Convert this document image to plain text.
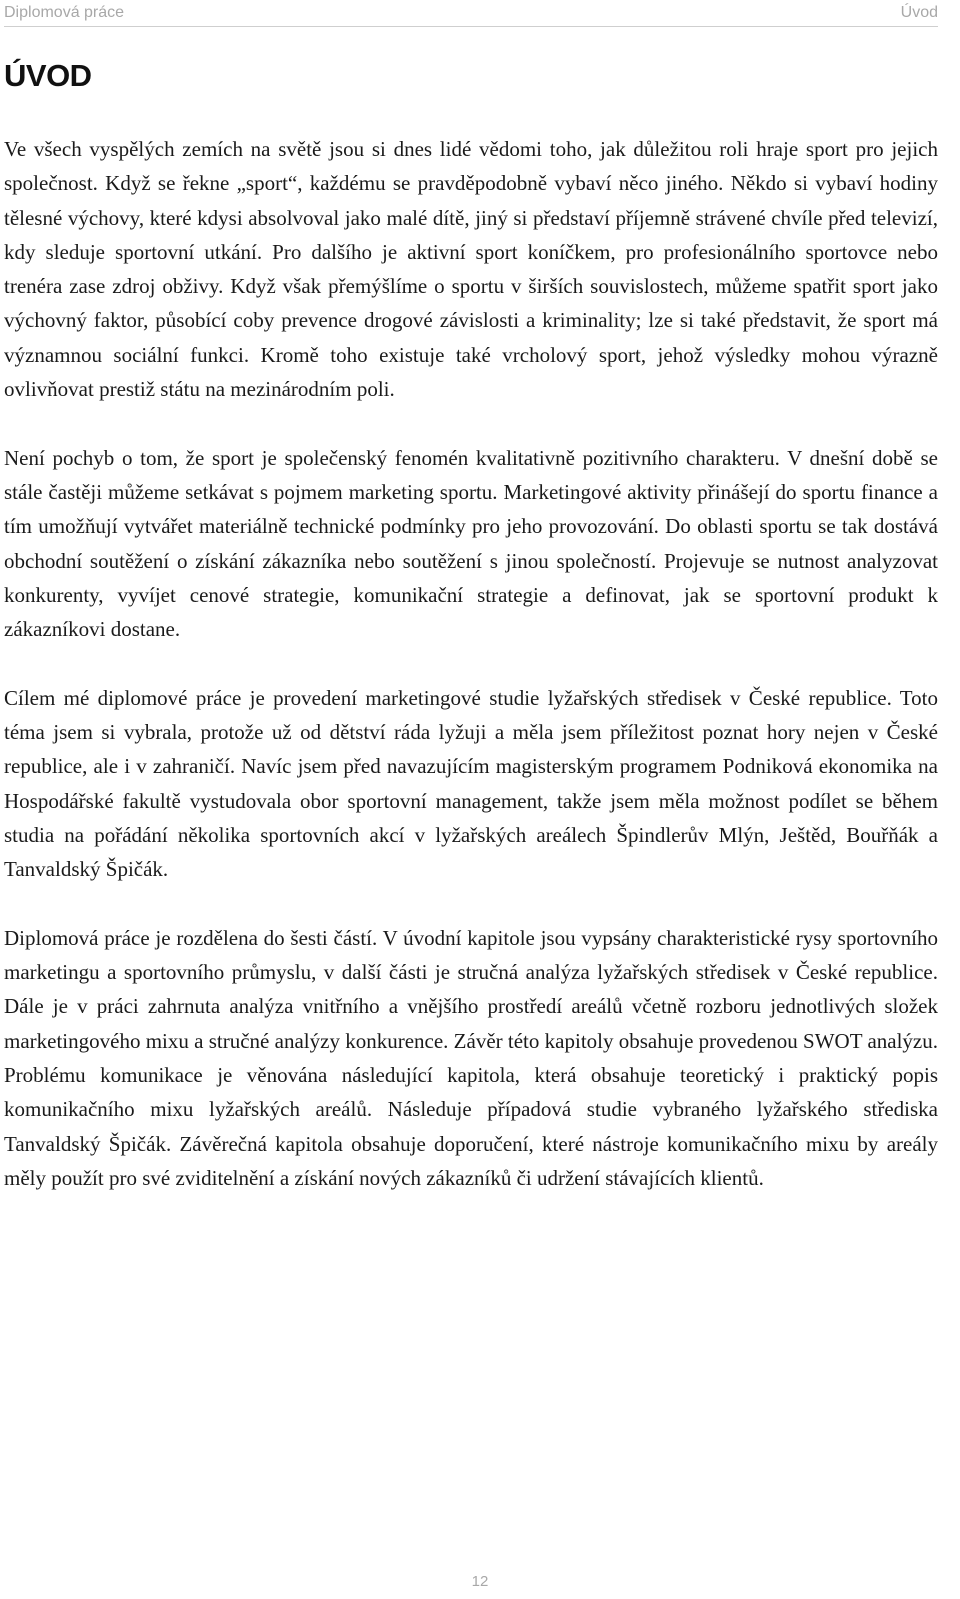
Diplomová práce	Úvod
ÚVOD

Ve všech vyspělých zemích na světě jsou si dnes lidé vědomi toho, jak důležitou roli hraje sport pro jejich společnost. Když se řekne „sport“, každému se pravděpodobně vybaví něco jiného. Někdo si vybaví hodiny tělesné výchovy, které kdysi absolvoval jako malé dítě, jiný si představí příjemně strávené chvíle před televizí, kdy sleduje sportovní utkání. Pro dalšího je aktivní sport koníčkem, pro profesionálního sportovce nebo trenéra zase zdroj obživy. Když však přemýšlíme o sportu v širších souvislostech, můžeme spatřit sport jako výchovný faktor, působící coby prevence drogové závislosti a kriminality; lze si také představit, že sport má významnou sociální funkci. Kromě toho existuje také vrcholový sport, jehož výsledky mohou výrazně ovlivňovat prestiž státu na mezinárodním poli.

Není pochyb o tom, že sport je společenský fenomén kvalitativně pozitivního charakteru. V dnešní době se stále častěji můžeme setkávat s pojmem marketing sportu. Marketingové aktivity přinášejí do sportu finance a tím umožňují vytvářet materiálně technické podmínky pro jeho provozování. Do oblasti sportu se tak dostává obchodní soutěžení o získání zákazníka nebo soutěžení s jinou společností. Projevuje se nutnost analyzovat konkurenty, vyvíjet cenové strategie, komunikační strategie a definovat, jak se sportovní produkt k zákazníkovi dostane.

Cílem mé diplomové práce je provedení marketingové studie lyžařských středisek v České republice. Toto téma jsem si vybrala, protože už od dětství ráda lyžuji a měla jsem příležitost poznat hory nejen v České republice, ale i v zahraničí. Navíc jsem před navazujícím magisterským programem Podniková ekonomika na Hospodářské fakultě vystudovala obor sportovní management, takže jsem měla možnost podílet se během studia na pořádání několika sportovních akcí v lyžařských areálech Špindlerův Mlýn, Ještěd, Bouřňák a Tanvaldský Špičák.

Diplomová práce je rozdělena do šesti částí. V úvodní kapitole jsou vypsány charakteristické rysy sportovního marketingu a sportovního průmyslu, v další části je stručná analýza lyžařských středisek v České republice. Dále je v práci zahrnuta analýza vnitřního a vnějšího prostředí areálů včetně rozboru jednotlivých složek marketingového mixu a stručné analýzy konkurence. Závěr této kapitoly obsahuje provedenou SWOT analýzu. Problému komunikace je věnována následující kapitola, která obsahuje teoretický i praktický popis komunikačního mixu lyžařských areálů. Následuje případová studie vybraného lyžařského střediska Tanvaldský Špičák. Závěrečná kapitola obsahuje doporučení, které nástroje komunikačního mixu by areály měly použít pro své zviditelnění a získání nových zákazníků či udržení stávajících klientů.

12
